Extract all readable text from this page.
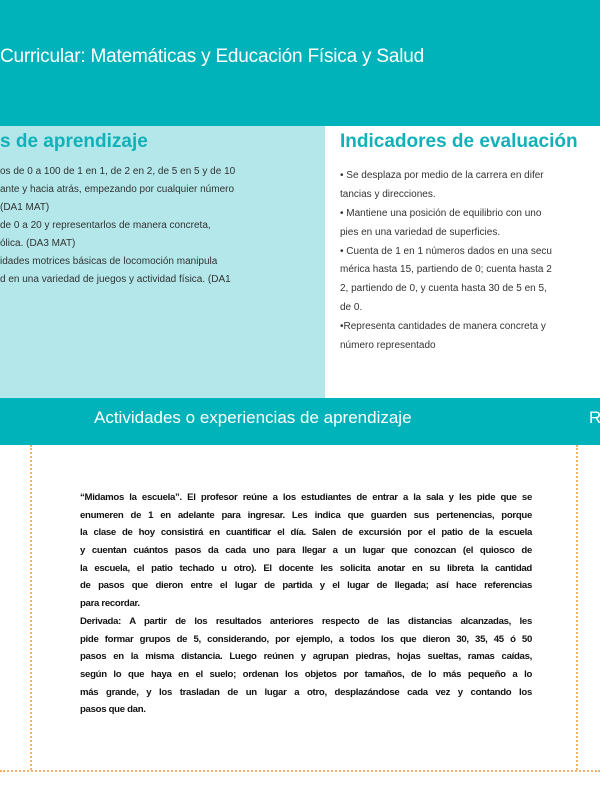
Curricular: Matemáticas y Educación Física y Salud
s de aprendizaje
os de 0 a 100 de 1 en 1, de 2 en 2, de 5 en 5 y de 10
ante y hacia atrás, empezando por cualquier número
(DA1 MAT)
de 0 a 20 y representarlos de manera concreta,
ólica. (DA3 MAT)
idades motrices básicas de locomoción manipula
d en una variedad de juegos y actividad física. (DA1
Indicadores de evaluación
• Se desplaza por medio de la carrera en difer
tancias y direcciones.
• Mantiene una posición de equilibrio con uno
pies en una variedad de superficies.
• Cuenta de 1 en 1 números dados en una secu
mérica hasta 15, partiendo de 0; cuenta hasta 2
2, partiendo de 0, y cuenta hasta 30 de 5 en 5,
de 0.
•Representa cantidades de manera concreta y
número representado
Actividades o experiencias de aprendizaje	R
“Midamos la escuela”. El profesor reúne a los estudiantes de entrar a la sala y les pide que se
enumeren de 1 en adelante para ingresar. Les indica que guarden sus pertenencias, porque
la clase de hoy consistirá en cuantificar el día. Salen de excursión por el patio de la escuela
y cuentan cuántos pasos da cada uno para llegar a un lugar que conozcan (el quiosco de
la escuela, el patio techado u otro). El docente les solicita anotar en su libreta la cantidad
de pasos que dieron entre el lugar de partida y el lugar de llegada; así hace referencias
para recordar.
Derivada: A partir de los resultados anteriores respecto de las distancias alcanzadas, les
pide formar grupos de 5, considerando, por ejemplo, a todos los que dieron 30, 35, 45 ó 50
pasos en la misma distancia. Luego reúnen y agrupan piedras, hojas sueltas, ramas caídas,
según lo que haya en el suelo; ordenan los objetos por tamaños, de lo más pequeño a lo
más grande, y los trasladan de un lugar a otro, desplazándose cada vez y contando los
pasos que dan.
